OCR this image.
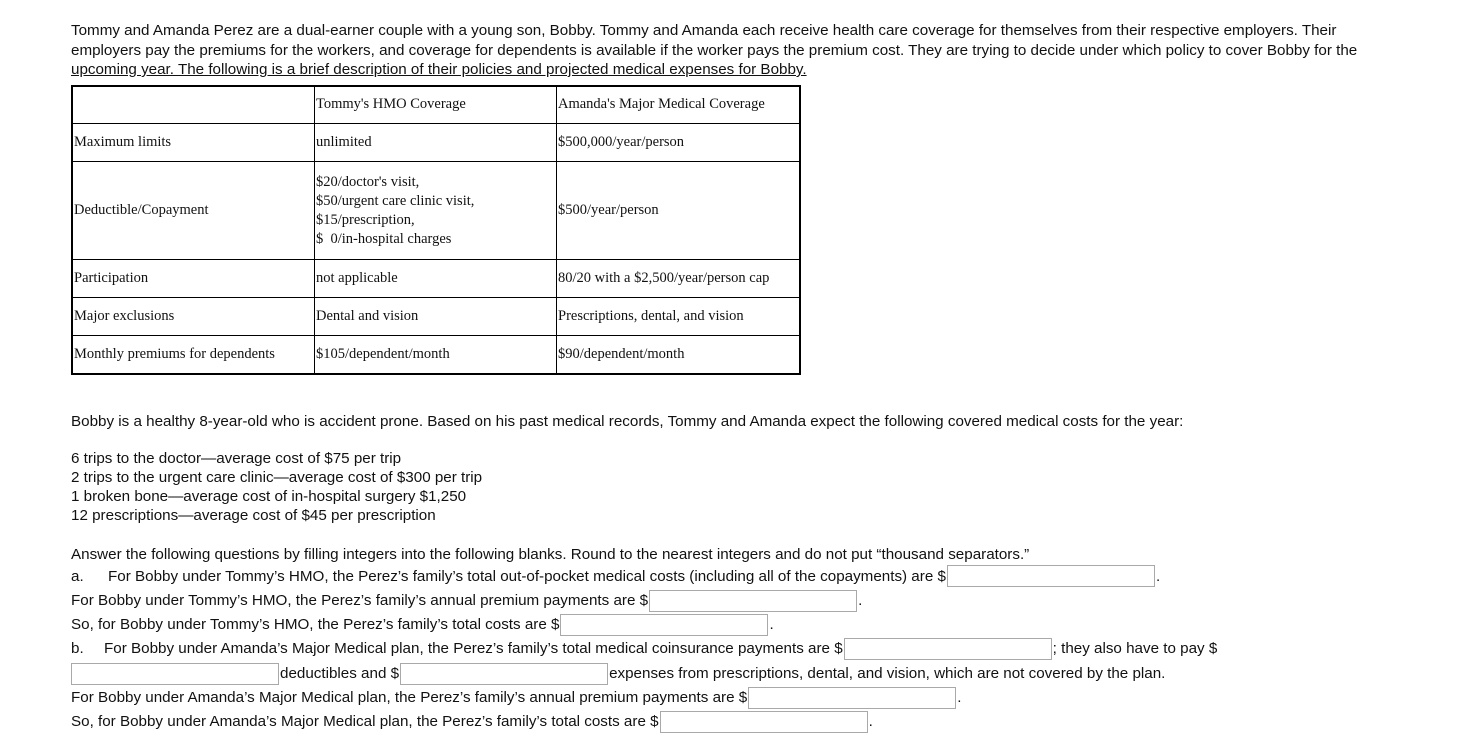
Tommy and Amanda Perez are a dual-earner couple with a young son, Bobby. Tommy and Amanda each receive health care coverage for themselves from their respective employers. Their
employers pay the premiums for the workers, and coverage for dependents is available if the worker pays the premium cost. They are trying to decide under which policy to cover Bobby for the
upcoming year. The following is a brief description of their policies and projected medical expenses for Bobby.

	Tommy's HMO Coverage	Amanda's Major Medical Coverage
Maximum limits	unlimited	$500,000/year/person
Deductible/Copayment	$20/doctor's visit,
$50/urgent care clinic visit,
$15/prescription,
$  0/in-hospital charges	$500/year/person
Participation	not applicable	80/20 with a $2,500/year/person cap
Major exclusions	Dental and vision	Prescriptions, dental, and vision
Monthly premiums for dependents	$105/dependent/month	$90/dependent/month

Bobby is a healthy 8-year-old who is accident prone. Based on his past medical records, Tommy and Amanda expect the following covered medical costs for the year:

6 trips to the doctor—average cost of $75 per trip
2 trips to the urgent care clinic—average cost of $300 per trip
1 broken bone—average cost of in-hospital surgery $1,250
12 prescriptions—average cost of $45 per prescription
Answer the following questions by filling integers into the following blanks. Round to the nearest integers and do not put “thousand separators.”
a. For Bobby under Tommy’s HMO, the Perez’s family’s total out-of-pocket medical costs (including all of the copayments) are $	.
For Bobby under Tommy’s HMO, the Perez’s family’s annual premium payments are $	.
So, for Bobby under Tommy’s HMO, the Perez’s family’s total costs are $	.
b. For Bobby under Amanda’s Major Medical plan, the Perez’s family’s total medical coinsurance payments are $	; they also have to pay $
deductibles and $	expenses from prescriptions, dental, and vision, which are not covered by the plan.
For Bobby under Amanda’s Major Medical plan, the Perez’s family’s annual premium payments are $	.
So, for Bobby under Amanda’s Major Medical plan, the Perez’s family’s total costs are $	.
